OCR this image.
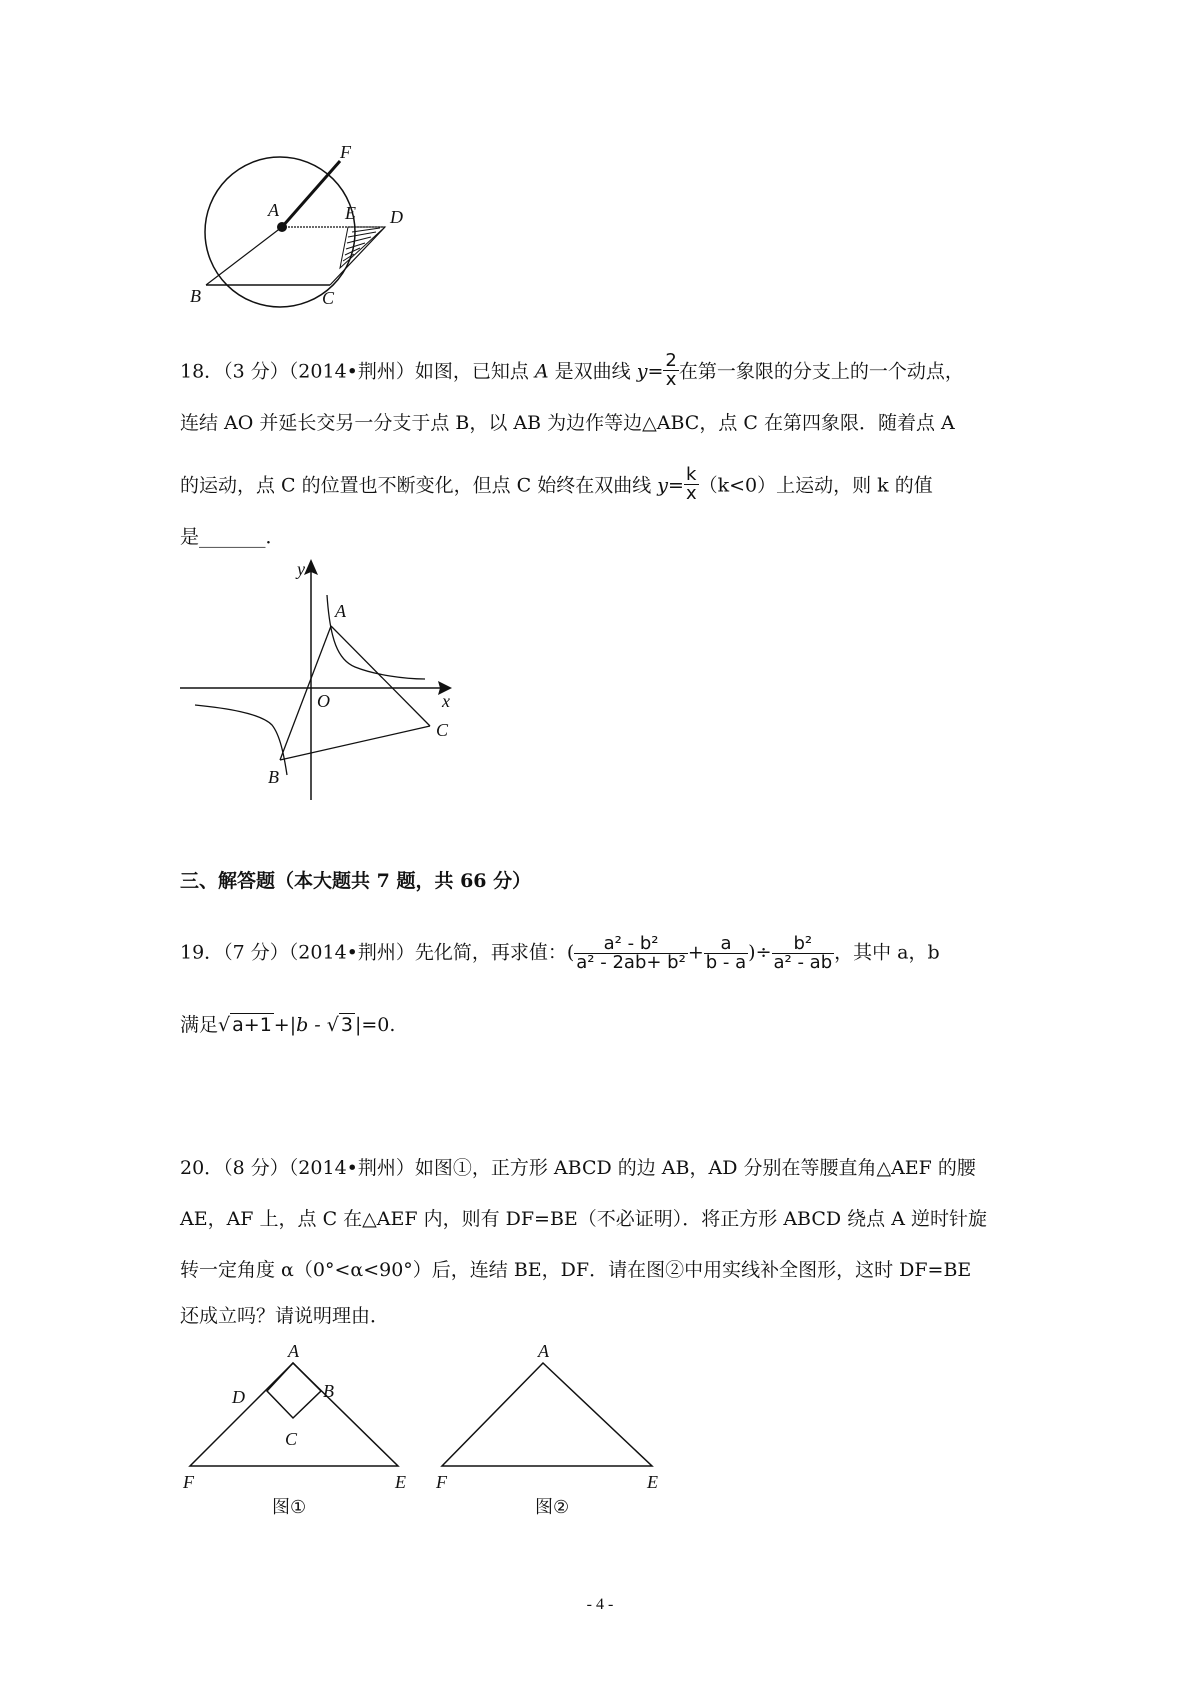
F
A	E D
B	C
18．（3 分）（2014•荆州）如图，已知点 A 是双曲线 $y= \frac{2}{x}$ 在第一象限的分支上的一个动点，
连结 AO 并延长交另一分支于点 B，以 AB 为边作等边△ABC，点 C 在第四象限．随着点 A
的运动，点 C 的位置也不断变化，但点 C 始终在双曲线 $y= \frac{k}{x} (k<0)$上运动，则 k 的值
是_______．
y
x
A
O
B
C
三、解答题（本大题共 7 题，共 66 分）
19．（7 分）（2014•荆州）先化简，再求值：( $\frac{\text{a² - b²}}{\text{a² - 2ab+ b²}} + \frac{a}{b - a}$ )÷ $\frac{\text{b²}}{\text{a² - ab}}$ ，其中 a，b
满足√ a+1 +|b - √ 3 |=0.
20．（8 分）（2014•荆州）如图①，正方形 ABCD 的边 AB，AD 分别在等腰直角△AEF 的腰
AE，AF 上，点 C 在△AEF 内，则有 DF=BE（不必证明）．将正方形 ABCD 绕点 A 逆时针旋
转一定角度 α（0°<α<90°）后，连结 BE，DF．请在图②中用实线补全图形，这时 DF=BE
还成立吗？请说明理由．
A
D	B
C
F	E
图①
A
F	E
图②
- 4 -
